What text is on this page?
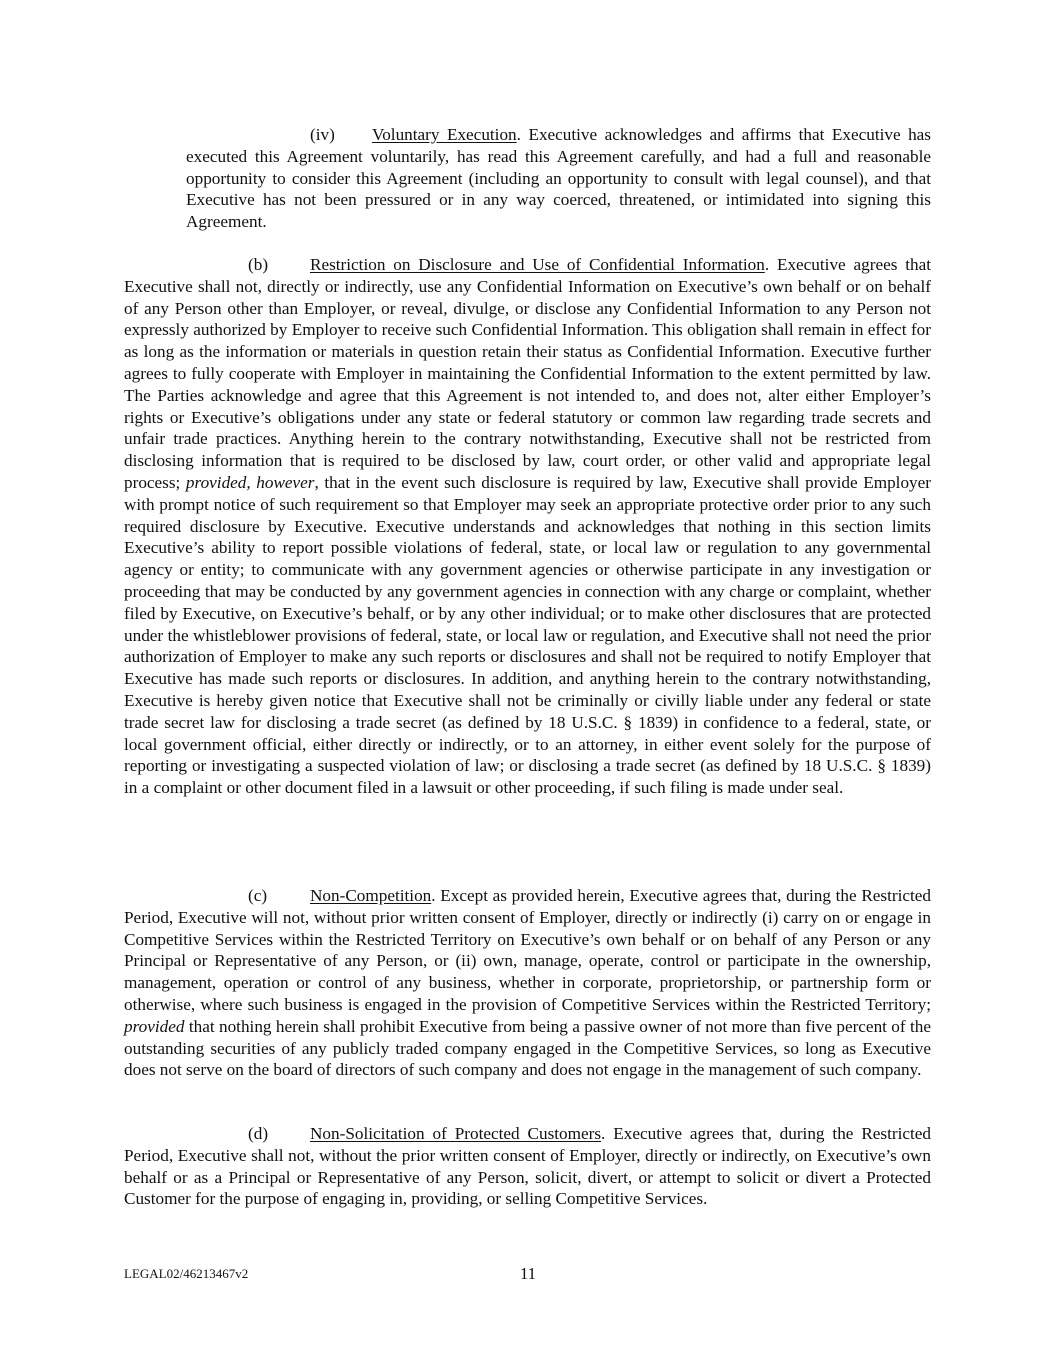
(iv) Voluntary Execution. Executive acknowledges and affirms that Executive has executed this Agreement voluntarily, has read this Agreement carefully, and had a full and reasonable opportunity to consider this Agreement (including an opportunity to consult with legal counsel), and that Executive has not been pressured or in any way coerced, threatened, or intimidated into signing this Agreement.

(b) Restriction on Disclosure and Use of Confidential Information. Executive agrees that Executive shall not, directly or indirectly, use any Confidential Information on Executive’s own behalf or on behalf of any Person other than Employer, or reveal, divulge, or disclose any Confidential Information to any Person not expressly authorized by Employer to receive such Confidential Information. This obligation shall remain in effect for as long as the information or materials in question retain their status as Confidential Information. Executive further agrees to fully cooperate with Employer in maintaining the Confidential Information to the extent permitted by law. The Parties acknowledge and agree that this Agreement is not intended to, and does not, alter either Employer’s rights or Executive’s obligations under any state or federal statutory or common law regarding trade secrets and unfair trade practices. Anything herein to the contrary notwithstanding, Executive shall not be restricted from disclosing information that is required to be disclosed by law, court order, or other valid and appropriate legal process; provided, however, that in the event such disclosure is required by law, Executive shall provide Employer with prompt notice of such requirement so that Employer may seek an appropriate protective order prior to any such required disclosure by Executive. Executive understands and acknowledges that nothing in this section limits Executive’s ability to report possible violations of federal, state, or local law or regulation to any governmental agency or entity; to communicate with any government agencies or otherwise participate in any investigation or proceeding that may be conducted by any government agencies in connection with any charge or complaint, whether filed by Executive, on Executive’s behalf, or by any other individual; or to make other disclosures that are protected under the whistleblower provisions of federal, state, or local law or regulation, and Executive shall not need the prior authorization of Employer to make any such reports or disclosures and shall not be required to notify Employer that Executive has made such reports or disclosures. In addition, and anything herein to the contrary notwithstanding, Executive is hereby given notice that Executive shall not be criminally or civilly liable under any federal or state trade secret law for disclosing a trade secret (as defined by 18 U.S.C. § 1839) in confidence to a federal, state, or local government official, either directly or indirectly, or to an attorney, in either event solely for the purpose of reporting or investigating a suspected violation of law; or disclosing a trade secret (as defined by 18 U.S.C. § 1839) in a complaint or other document filed in a lawsuit or other proceeding, if such filing is made under seal.

(c) Non-Competition. Except as provided herein, Executive agrees that, during the Restricted Period, Executive will not, without prior written consent of Employer, directly or indirectly (i) carry on or engage in Competitive Services within the Restricted Territory on Executive’s own behalf or on behalf of any Person or any Principal or Representative of any Person, or (ii) own, manage, operate, control or participate in the ownership, management, operation or control of any business, whether in corporate, proprietorship, or partnership form or otherwise, where such business is engaged in the provision of Competitive Services within the Restricted Territory; provided that nothing herein shall prohibit Executive from being a passive owner of not more than five percent of the outstanding securities of any publicly traded company engaged in the Competitive Services, so long as Executive does not serve on the board of directors of such company and does not engage in the management of such company.

(d) Non-Solicitation of Protected Customers. Executive agrees that, during the Restricted Period, Executive shall not, without the prior written consent of Employer, directly or indirectly, on Executive’s own behalf or as a Principal or Representative of any Person, solicit, divert, or attempt to solicit or divert a Protected Customer for the purpose of engaging in, providing, or selling Competitive Services.

LEGAL02/46213467v2	11
